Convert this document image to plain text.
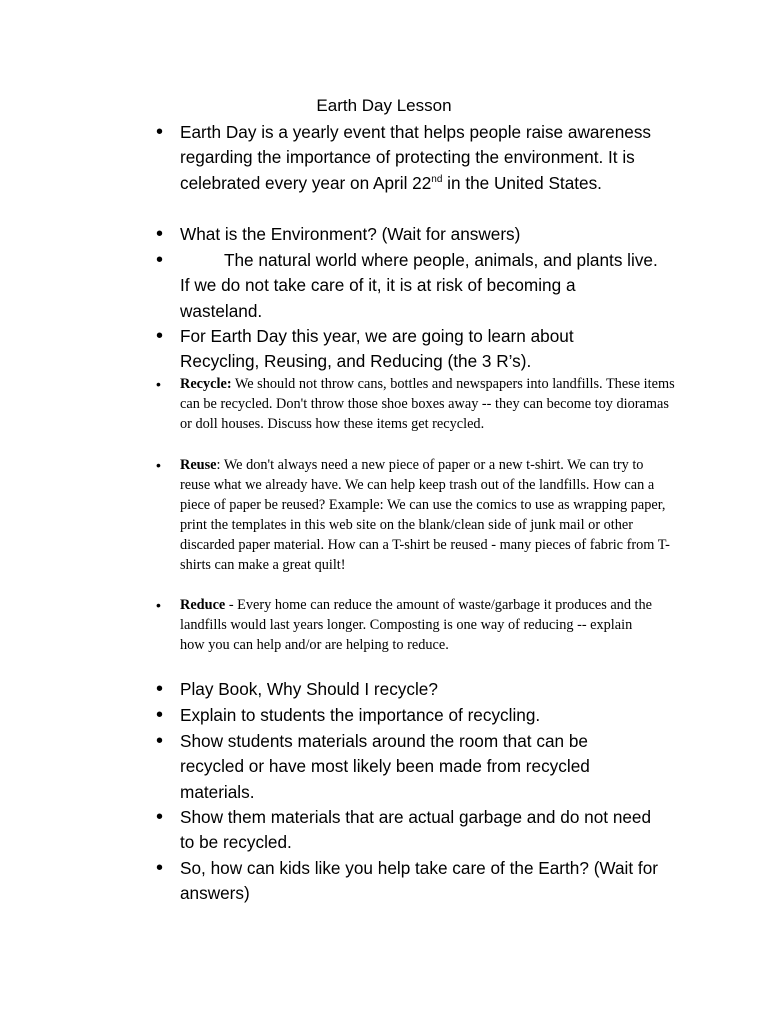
Earth Day Lesson
• Earth Day is a yearly event that helps people raise awareness regarding the importance of protecting the environment. It is celebrated every year on April 22nd in the United States.
• What is the Environment? (Wait for answers)
•	The natural world where people, animals, and plants live. If we do not take care of it, it is at risk of becoming a wasteland.
• For Earth Day this year, we are going to learn about Recycling, Reusing, and Reducing (the 3 R’s).
• Recycle: We should not throw cans, bottles and newspapers into landfills. These items can be recycled. Don't throw those shoe boxes away -- they can become toy dioramas or doll houses. Discuss how these items get recycled.
• Reuse: We don't always need a new piece of paper or a new t-shirt. We can try to reuse what we already have. We can help keep trash out of the landfills. How can a piece of paper be reused? Example: We can use the comics to use as wrapping paper, print the templates in this web site on the blank/clean side of junk mail or other discarded paper material. How can a T-shirt be reused - many pieces of fabric from T-shirts can make a great quilt!
• Reduce - Every home can reduce the amount of waste/garbage it produces and the landfills would last years longer. Composting is one way of reducing -- explain how you can help and/or are helping to reduce.
• Play Book, Why Should I recycle?
• Explain to students the importance of recycling.
• Show students materials around the room that can be recycled or have most likely been made from recycled materials.
• Show them materials that are actual garbage and do not need to be recycled.
• So, how can kids like you help take care of the Earth? (Wait for answers)
